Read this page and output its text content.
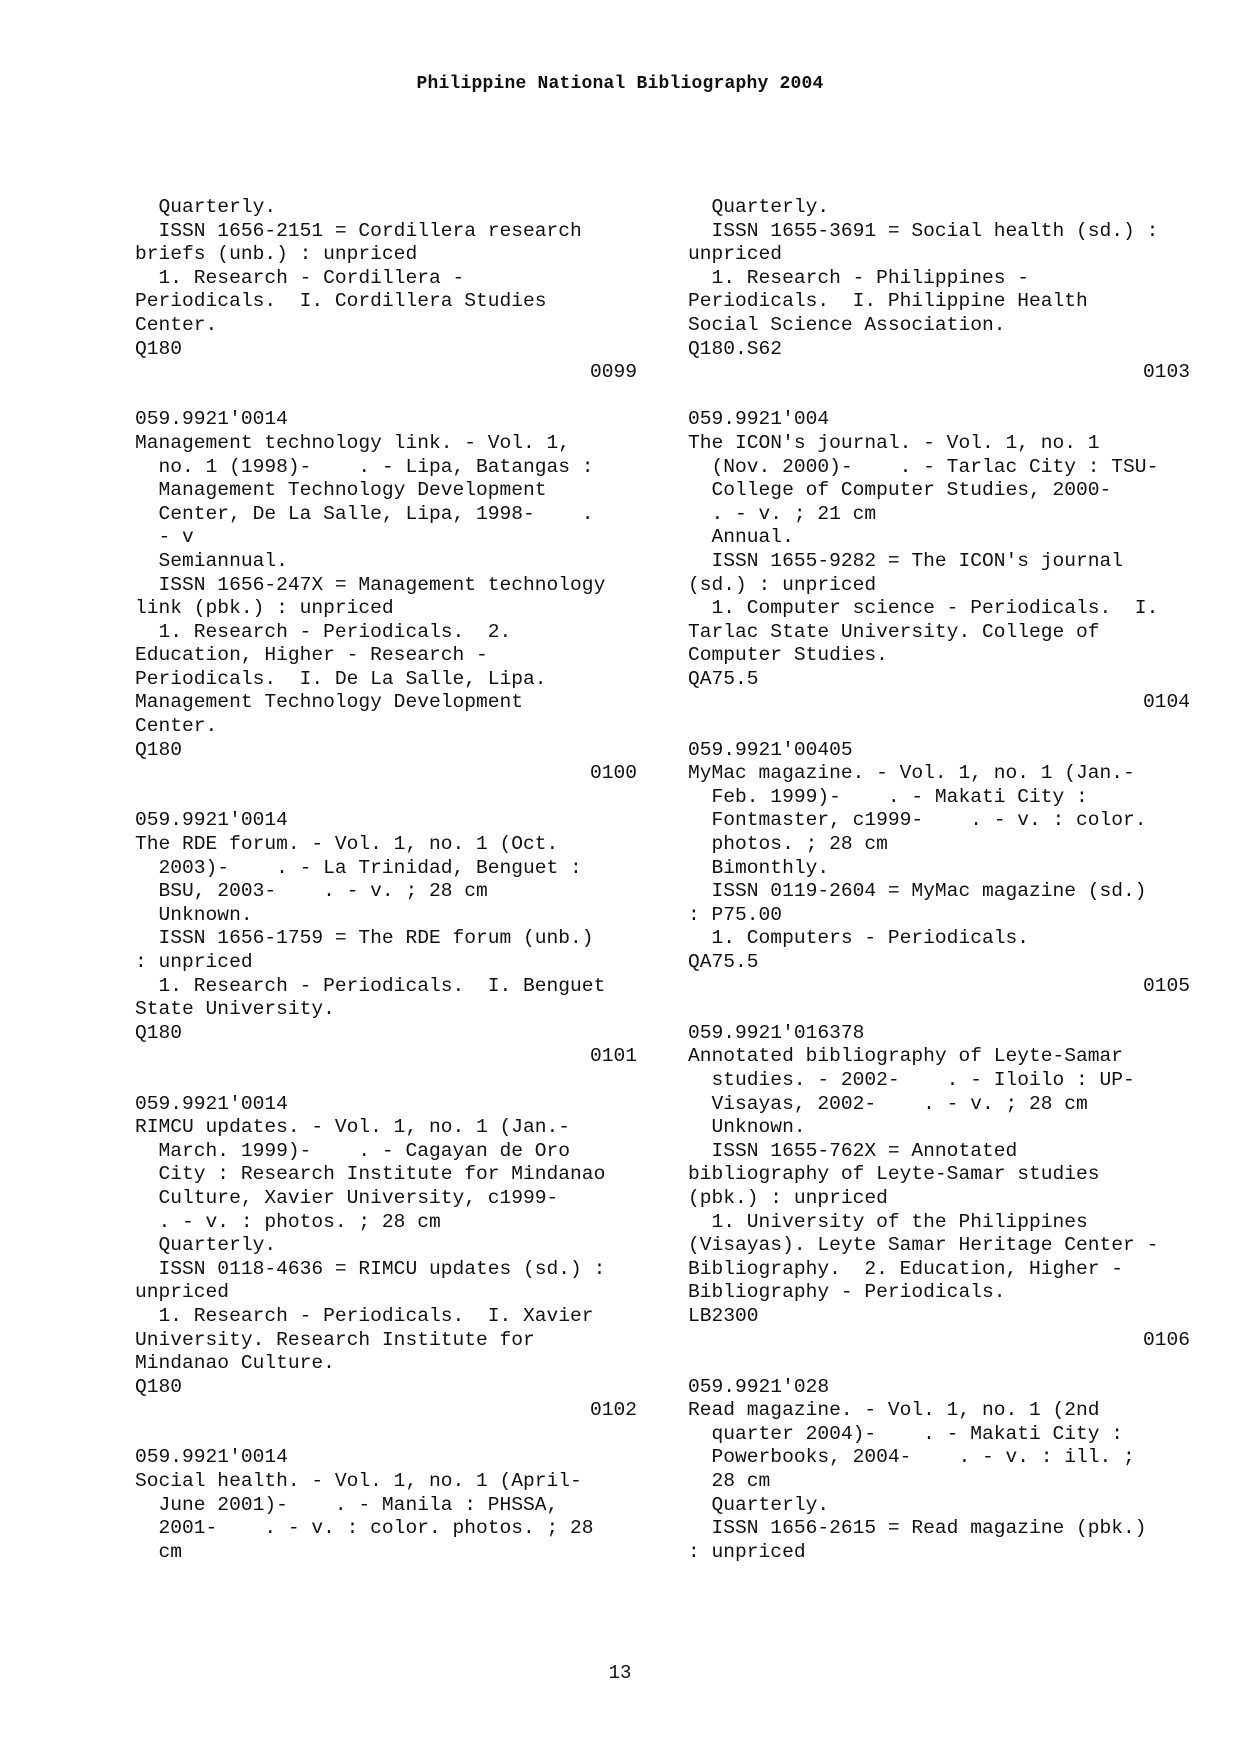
Philippine National Bibliography 2004
Quarterly.
ISSN 1656-2151 = Cordillera research
briefs (unb.) : unpriced
1. Research - Cordillera -
Periodicals.  I. Cordillera Studies
Center.
Q180
0099
059.9921'0014
Management technology link. - Vol. 1,
no. 1 (1998)-    . - Lipa, Batangas :
Management Technology Development
Center, De La Salle, Lipa, 1998-    .
- v
Semiannual.
ISSN 1656-247X = Management technology
link (pbk.) : unpriced
1. Research - Periodicals.  2.
Education, Higher - Research -
Periodicals.  I. De La Salle, Lipa.
Management Technology Development
Center.
Q180
0100
059.9921'0014
The RDE forum. - Vol. 1, no. 1 (Oct.
2003)-    . - La Trinidad, Benguet :
BSU, 2003-    . - v. ; 28 cm
Unknown.
ISSN 1656-1759 = The RDE forum (unb.)
: unpriced
1. Research - Periodicals.  I. Benguet
State University.
Q180
0101
059.9921'0014
RIMCU updates. - Vol. 1, no. 1 (Jan.-
March. 1999)-    . - Cagayan de Oro
City : Research Institute for Mindanao
Culture, Xavier University, c1999-
. - v. : photos. ; 28 cm
Quarterly.
ISSN 0118-4636 = RIMCU updates (sd.) :
unpriced
1. Research - Periodicals.  I. Xavier
University. Research Institute for
Mindanao Culture.
Q180
0102
059.9921'0014
Social health. - Vol. 1, no. 1 (April-
June 2001)-    . - Manila : PHSSA,
2001-    . - v. : color. photos. ; 28
cm
Quarterly.
ISSN 1655-3691 = Social health (sd.) :
unpriced
1. Research - Philippines -
Periodicals.  I. Philippine Health
Social Science Association.
Q180.S62
0103
059.9921'004
The ICON's journal. - Vol. 1, no. 1
(Nov. 2000)-    . - Tarlac City : TSU-
College of Computer Studies, 2000-
. - v. ; 21 cm
Annual.
ISSN 1655-9282 = The ICON's journal
(sd.) : unpriced
1. Computer science - Periodicals.  I.
Tarlac State University. College of
Computer Studies.
QA75.5
0104
059.9921'00405
MyMac magazine. - Vol. 1, no. 1 (Jan.-
Feb. 1999)-    . - Makati City :
Fontmaster, c1999-    . - v. : color.
photos. ; 28 cm
Bimonthly.
ISSN 0119-2604 = MyMac magazine (sd.)
: P75.00
1. Computers - Periodicals.
QA75.5
0105
059.9921'016378
Annotated bibliography of Leyte-Samar
studies. - 2002-    . - Iloilo : UP-
Visayas, 2002-    . - v. ; 28 cm
Unknown.
ISSN 1655-762X = Annotated
bibliography of Leyte-Samar studies
(pbk.) : unpriced
1. University of the Philippines
(Visayas). Leyte Samar Heritage Center -
Bibliography.  2. Education, Higher -
Bibliography - Periodicals.
LB2300
0106
059.9921'028
Read magazine. - Vol. 1, no. 1 (2nd
quarter 2004)-    . - Makati City :
Powerbooks, 2004-    . - v. : ill. ;
28 cm
Quarterly.
ISSN 1656-2615 = Read magazine (pbk.)
: unpriced
13
